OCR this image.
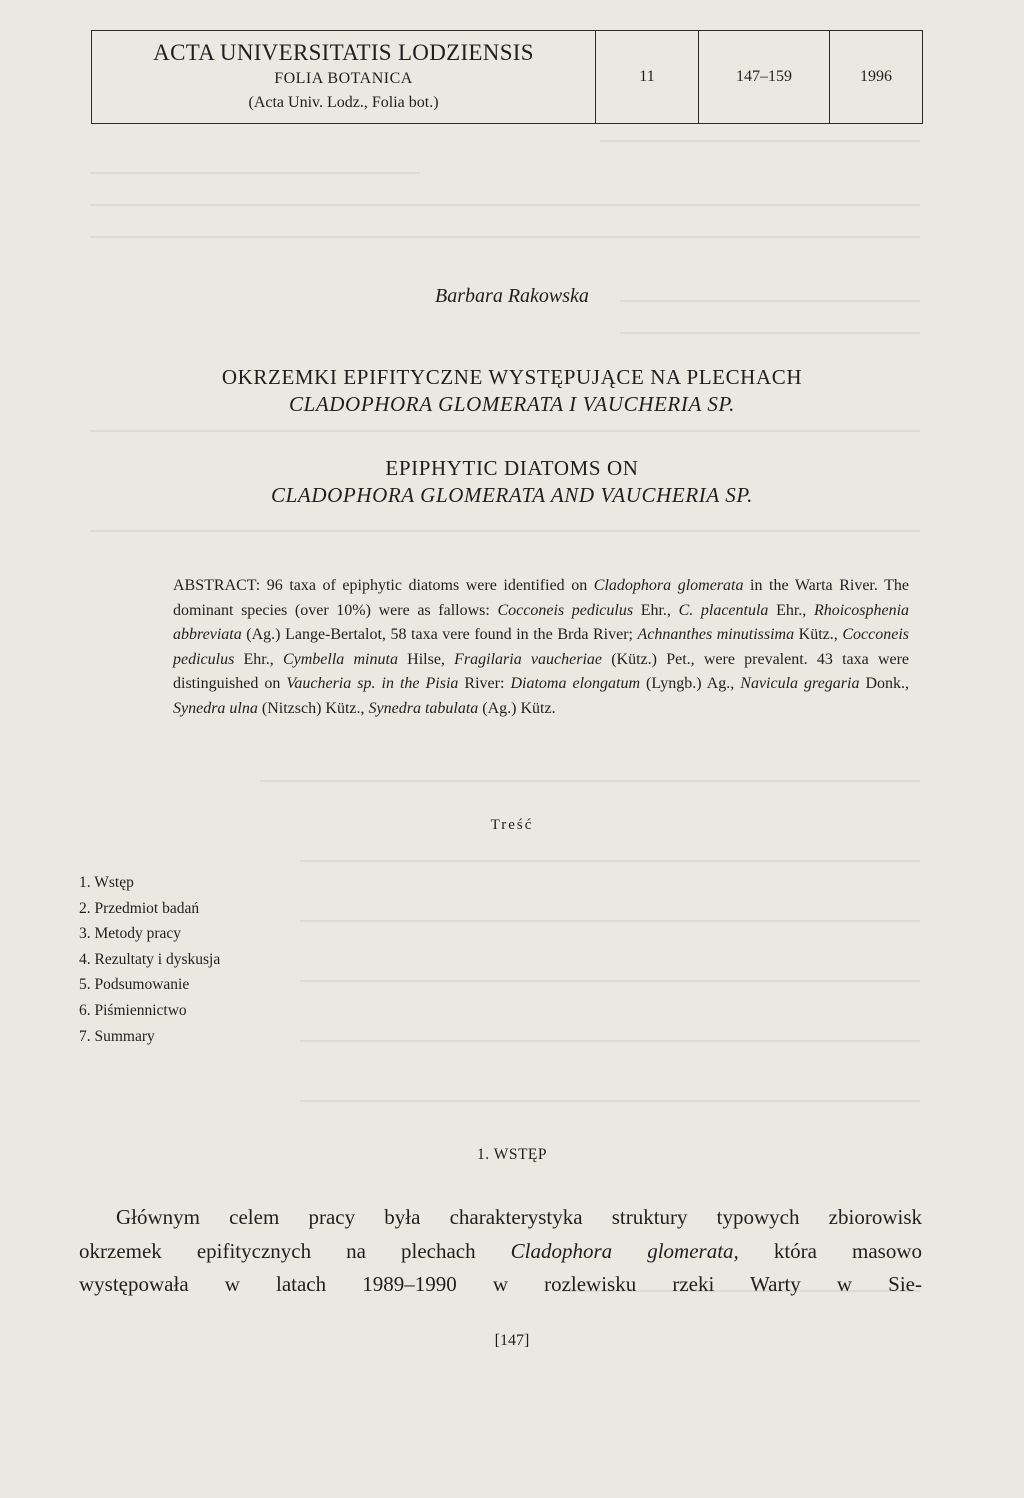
ACTA UNIVERSITATIS LODZIENSIS
FOLIA BOTANICA
(Acta Univ. Lodz., Folia bot.)
11	147–159	1996
Barbara Rakowska
OKRZEMKI EPIFITYCZNE WYSTĘPUJĄCE NA PLECHACH
CLADOPHORA GLOMERATA I VAUCHERIA SP.
EPIPHYTIC DIATOMS ON
CLADOPHORA GLOMERATA AND VAUCHERIA SP.

ABSTRACT: 96 taxa of epiphytic diatoms were identified on Cladophora glomerata in the Warta River. The dominant species (over 10%) were as fallows: Cocconeis pediculus Ehr., C. placentula Ehr., Rhoicosphenia abbreviata (Ag.) Lange-Bertalot, 58 taxa vere found in the Brda River; Achnanthes minutissima Kütz., Cocconeis pediculus Ehr., Cymbella minuta Hilse, Fragilaria vaucheriae (Kütz.) Pet., were prevalent. 43 taxa were distinguished on Vaucheria sp. in the Pisia River: Diatoma elongatum (Lyngb.) Ag., Navicula gregaria Donk., Synedra ulna (Nitzsch) Kütz., Synedra tabulata (Ag.) Kütz.

Treść
1. Wstęp
2. Przedmiot badań
3. Metody pracy
4. Rezultaty i dyskusja
5. Podsumowanie
6. Piśmiennictwo
7. Summary
1. WSTĘP
Głównym celem pracy była charakterystyka struktury typowych zbiorowisk
okrzemek epifitycznych na plechach Cladophora glomerata, która masowo
występowała w latach 1989–1990 w rozlewisku rzeki Warty w Sie-
[147]
